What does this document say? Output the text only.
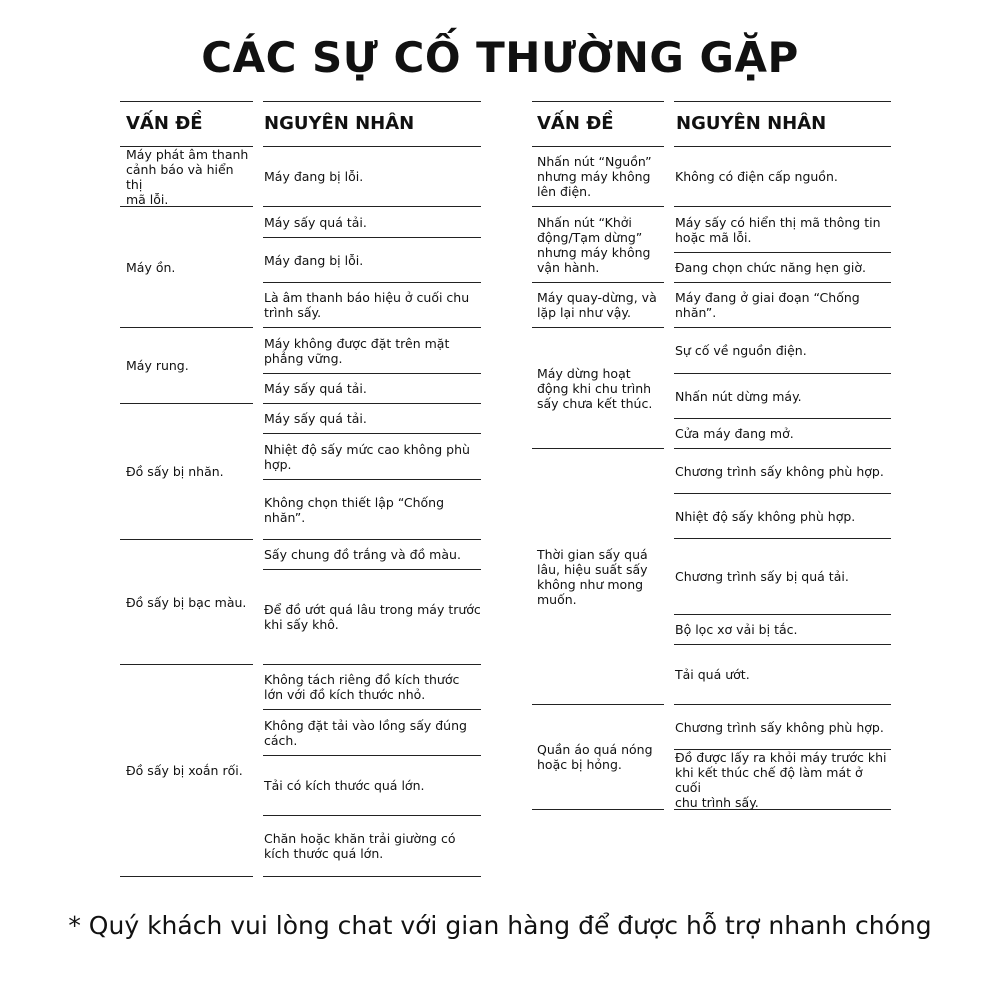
CÁC SỰ CỐ THƯỜNG GẶP
VẤN ĐỀ	NGUYÊN NHÂN
Máy phát âm thanh
cảnh báo và hiển thị
mã lỗi.
Máy ồn.
Máy rung.
Đồ sấy bị nhăn.
Đồ sấy bị bạc màu.
Đồ sấy bị xoắn rối.
Máy đang bị lỗi.
Máy sấy quá tải.
Máy đang bị lỗi.
Là âm thanh báo hiệu ở cuối chu
trình sấy.
Máy không được đặt trên mặt
phẳng vững.
Máy sấy quá tải.
Máy sấy quá tải.
Nhiệt độ sấy mức cao không phù
hợp.
Không chọn thiết lập “Chống
nhăn”.
Sấy chung đồ trắng và đồ màu.
Để đồ ướt quá lâu trong máy trước
khi sấy khô.
Không tách riêng đồ kích thước
lớn với đồ kích thước nhỏ.
Không đặt tải vào lồng sấy đúng
cách.
Tải có kích thước quá lớn.
Chăn hoặc khăn trải giường có
kích thước quá lớn.
VẤN ĐỀ	NGUYÊN NHÂN
Nhấn nút “Nguồn”
nhưng máy không
lên điện.
Nhấn nút “Khởi
động/Tạm dừng”
nhưng máy không
vận hành.
Máy quay-dừng, và
lặp lại như vậy.
Máy dừng hoạt
động khi chu trình
sấy chưa kết thúc.
Thời gian sấy quá
lâu, hiệu suất sấy
không như mong
muốn.
Quần áo quá nóng
hoặc bị hỏng.
Không có điện cấp nguồn.
Máy sấy có hiển thị mã thông tin
hoặc mã lỗi.
Đang chọn chức năng hẹn giờ.
Máy đang ở giai đoạn “Chống
nhăn”.
Sự cố về nguồn điện.
Nhấn nút dừng máy.
Cửa máy đang mở.
Chương trình sấy không phù hợp.
Nhiệt độ sấy không phù hợp.
Chương trình sấy bị quá tải.
Bộ lọc xơ vải bị tắc.
Tải quá ướt.
Chương trình sấy không phù hợp.
Đồ được lấy ra khỏi máy trước khi
khi kết thúc chế độ làm mát ở cuối
chu trình sấy.
* Quý khách vui lòng chat với gian hàng để được hỗ trợ nhanh chóng
